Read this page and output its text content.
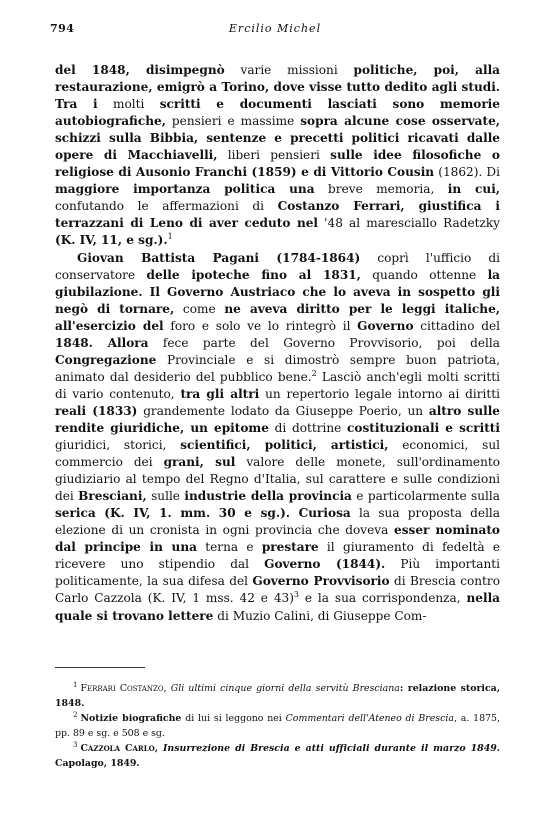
794	Ercilio Michel

del 1848, disimpegnò varie missioni politiche, poi, alla restaurazione, emigrò a Torino, dove visse tutto dedito agli studi. Tra i molti scritti e documenti lasciati sono memorie autobiografiche, pensieri e massime sopra alcune cose osservate, schizzi sulla Bibbia, sentenze e precetti politici ricavati dalle opere di Macchiavelli, liberi pensieri sulle idee filosofiche o religiose di Ausonio Franchi (1859) e di Vittorio Cousin (1862). Di maggiore importanza politica una breve memoria, in cui, confutando le affermazioni di Costanzo Ferrari, giustifica i terrazzani di Leno di aver ceduto nel '48 al maresciallo Radetzky (K. IV, 11, e sg.).$^1$

Giovan Battista Pagani (1784-1864) coprì l'ufficio di conservatore delle ipoteche fino al 1831, quando ottenne la giubilazione. Il Governo Austriaco che lo aveva in sospetto gli negò di tornare, come ne aveva diritto per le leggi italiche, all'esercizio del foro e solo ve lo rintegrò il Governo cittadino del 1848. Allora fece parte del Governo Provvisorio, poi della Congregazione Provinciale e si dimostrò sempre buon patriota, animato dal desiderio del pubblico bene.$^2$ Lasciò anch'egli molti scritti di vario contenuto, tra gli altri un repertorio legale intorno ai diritti reali (1833) grandemente lodato da Giuseppe Poerio, un altro sulle rendite giuridiche, un epitome di dottrine costituzionali e scritti giuridici, storici, scientifici, politici, artistici, economici, sul commercio dei grani, sul valore delle monete, sull'ordinamento giudiziario al tempo del Regno d'Italia, sul carattere e sulle condizioni dei Bresciani, sulle industrie della provincia e particolarmente sulla serica (K. IV, 1. mm. 30 e sg.). Curiosa la sua proposta della elezione di un cronista in ogni provincia che doveva esser nominato dal principe in una terna e prestare il giuramento di fedeltà e ricevere uno stipendio dal Governo (1844). Più importanti politicamente, la sua difesa del Governo Provvisorio di Brescia contro Carlo Cazzola (K. IV, 1 mss. 42 e 43)$^3$ e la sua corrispondenza, nella quale si trovano lettere di Muzio Calini, di Giuseppe Com-

$^1$ Ferrari Costanzo, Gli ultimi cinque giorni della servitù Bresciana: relazione storica, 1848.

$^2$ Notizie biografiche di lui si leggono nei Commentari dell'Ateneo di Brescia, a. 1875, pp. 89 e sg. e 508 e sg.

$^3$ Cazzola Carlo, Insurrezione di Brescia e atti ufficiali durante il marzo 1849. Capolago, 1849.
